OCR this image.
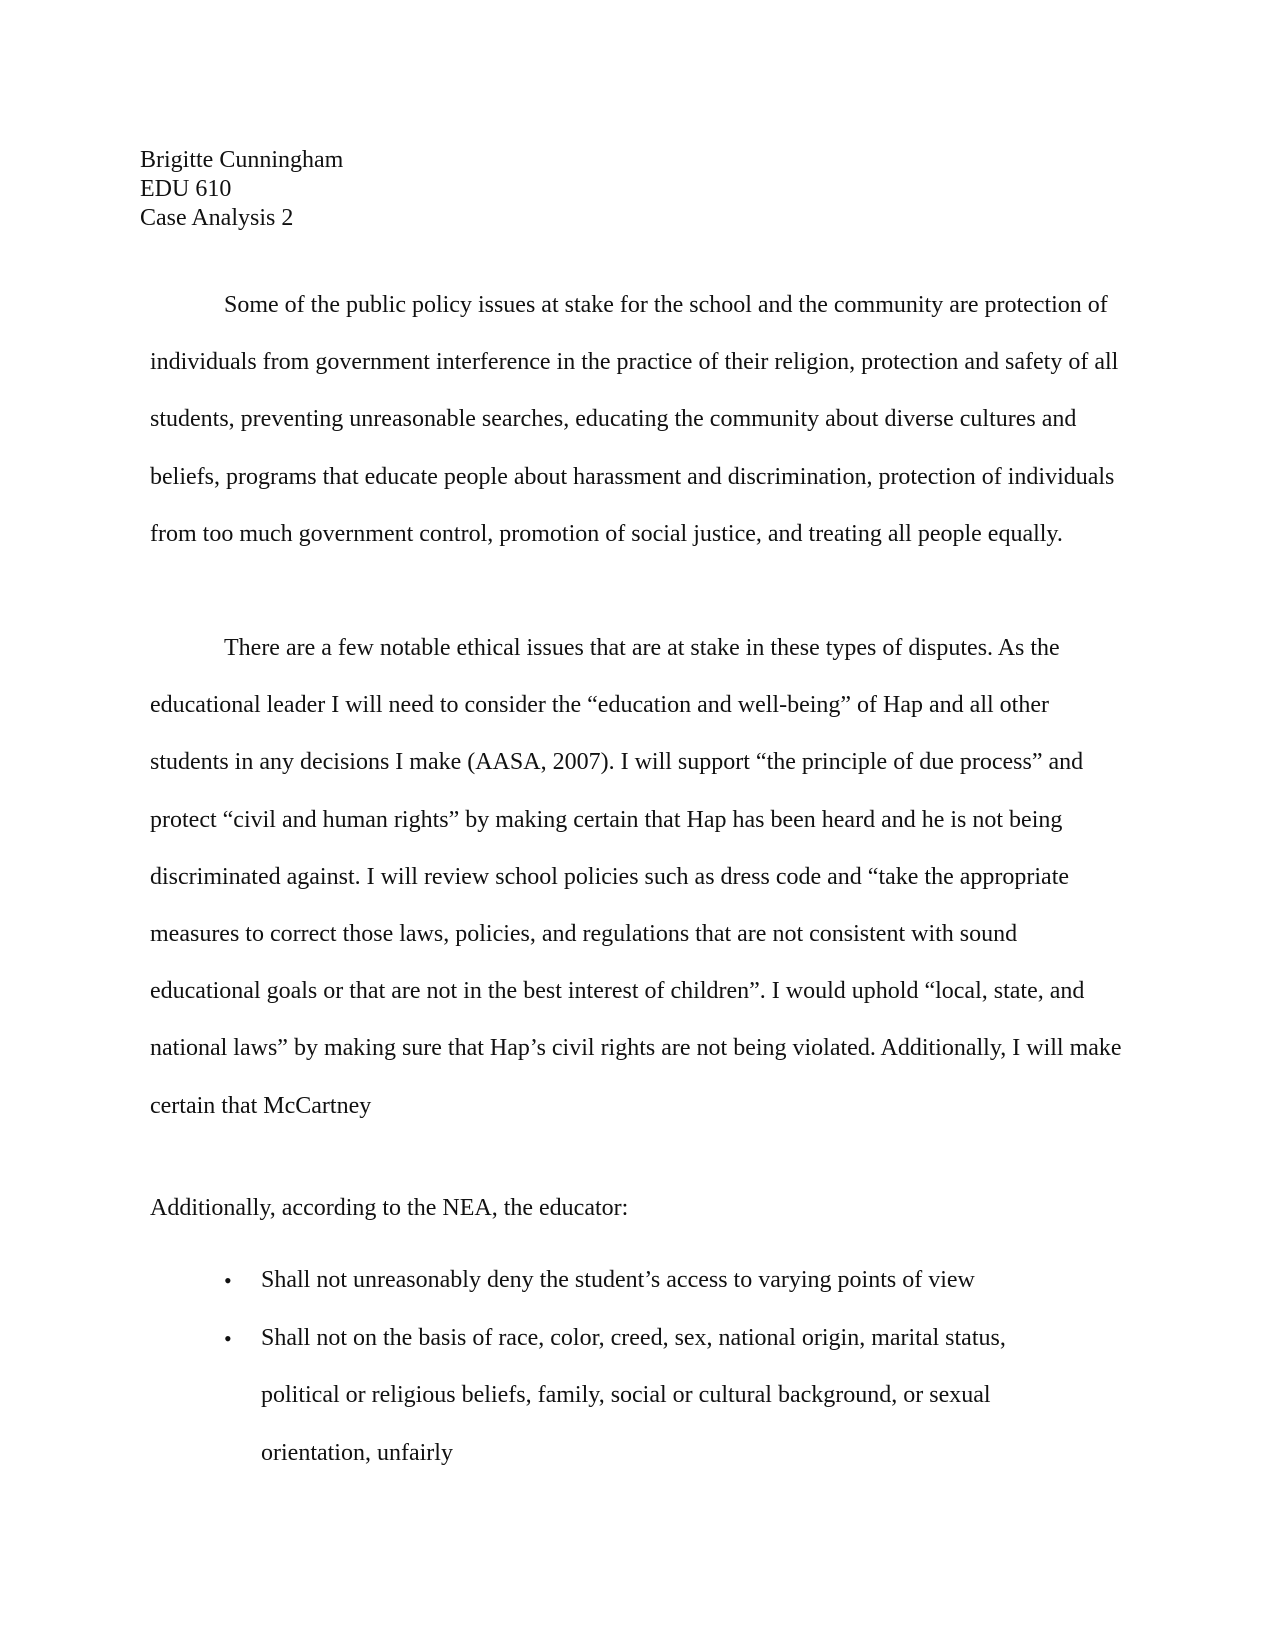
Brigitte Cunningham
EDU 610
Case Analysis 2

Some of the public policy issues at stake for the school and the community are protection of individuals from government interference in the practice of their religion, protection and safety of all students, preventing unreasonable searches, educating the community about diverse cultures and beliefs, programs that educate people about harassment and discrimination, protection of individuals from too much government control, promotion of social justice, and treating all people equally.

There are a few notable ethical issues that are at stake in these types of disputes. As the educational leader I will need to consider the “education and well-being” of Hap and all other students in any decisions I make (AASA, 2007). I will support “the principle of due process” and protect “civil and human rights” by making certain that Hap has been heard and he is not being discriminated against. I will review school policies such as dress code and “take the appropriate measures to correct those laws, policies, and regulations that are not consistent with sound educational goals or that are not in the best interest of children”. I would uphold “local, state, and national laws” by making sure that Hap’s civil rights are not being violated. Additionally, I will make certain that McCartney

Additionally, according to the NEA, the educator:

• Shall not unreasonably deny the student’s access to varying points of view
• Shall not on the basis of race, color, creed, sex, national origin, marital status, political or religious beliefs, family, social or cultural background, or sexual orientation, unfairly
